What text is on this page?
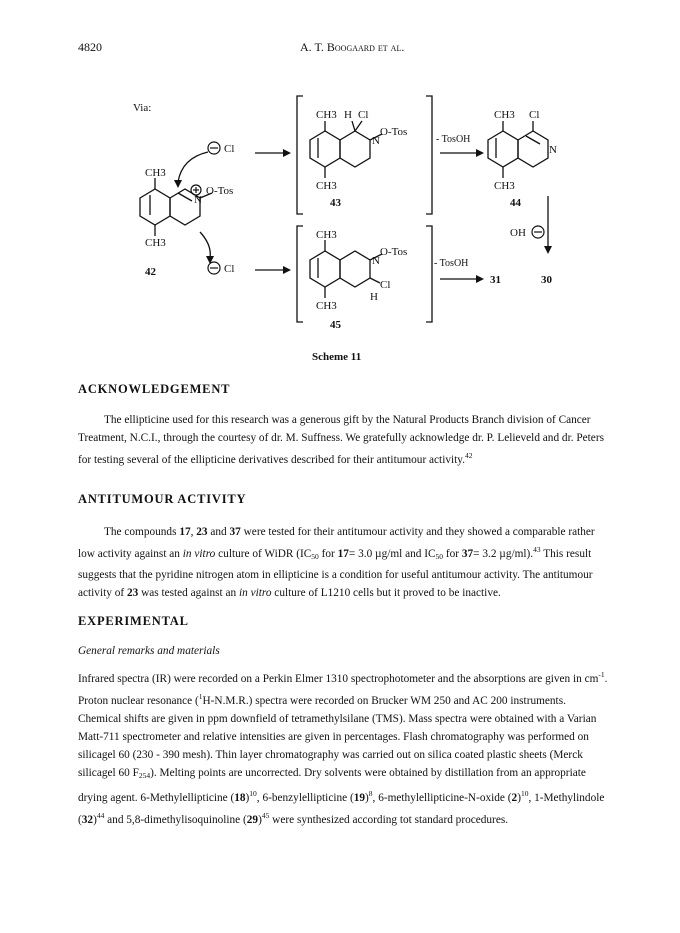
4820	A. T. Boogaard et al.
Via:
Cl
Cl
CH3
CH3
N
O-Tos
42
CH3 H Cl
N
O-Tos
CH3
43
- TosOH
CH3 Cl
N
CH3
44
OH
CH3
N
O-Tos
Cl
H
CH3
45
- TosOH
31	30
Scheme 11
ACKNOWLEDGEMENT

The ellipticine used for this research was a generous gift by the Natural Products Branch division of Cancer Treatment, N.C.I., through the courtesy of dr. M. Suffness. We gratefully acknowledge dr. P. Lelieveld and dr. Peters for testing several of the ellipticine derivatives described for their antitumour activity.$^{42}$

ANTITUMOUR ACTIVITY

The compounds 17, 23 and 37 were tested for their antitumour activity and they showed a comparable rather low activity against an in vitro culture of WiDR ($IC_{50}$ for 17= 3.0 µg/ml and $IC_{50}$ for 37= 3.2 µg/ml).$^{43}$ This result suggests that the pyridine nitrogen atom in ellipticine is a condition for useful antitumour activity. The antitumour activity of 23 was tested against an in vitro culture of L1210 cells but it proved to be inactive.

EXPERIMENTAL
General remarks and materials

Infrared spectra (IR) were recorded on a Perkin Elmer 1310 spectrophotometer and the absorptions are given in $cm^{-1}$. Proton nuclear resonance ($^1$H-N.M.R.) spectra were recorded on Brucker WM 250 and AC 200 instruments. Chemical shifts are given in ppm downfield of tetramethylsilane (TMS). Mass spectra were obtained with a Varian Matt-711 spectrometer and relative intensities are given in percentages. Flash chromatography was performed on silicagel 60 (230 - 390 mesh). Thin layer chromatography was carried out on silica coated plastic sheets (Merck silicagel 60 $F_{254}$). Melting points are uncorrected. Dry solvents were obtained by distillation from an appropriate drying agent. 6-Methylellipticine $(18)^{10}$, 6-benzylellipticine $(19)^8$, 6-methylellipticine-N-oxide $(2)^{10}$, 1-Methylindole $(32)^{44}$ and 5,8-dimethylisoquinoline $(29)^{45}$ were synthesized according tot standard procedures.
